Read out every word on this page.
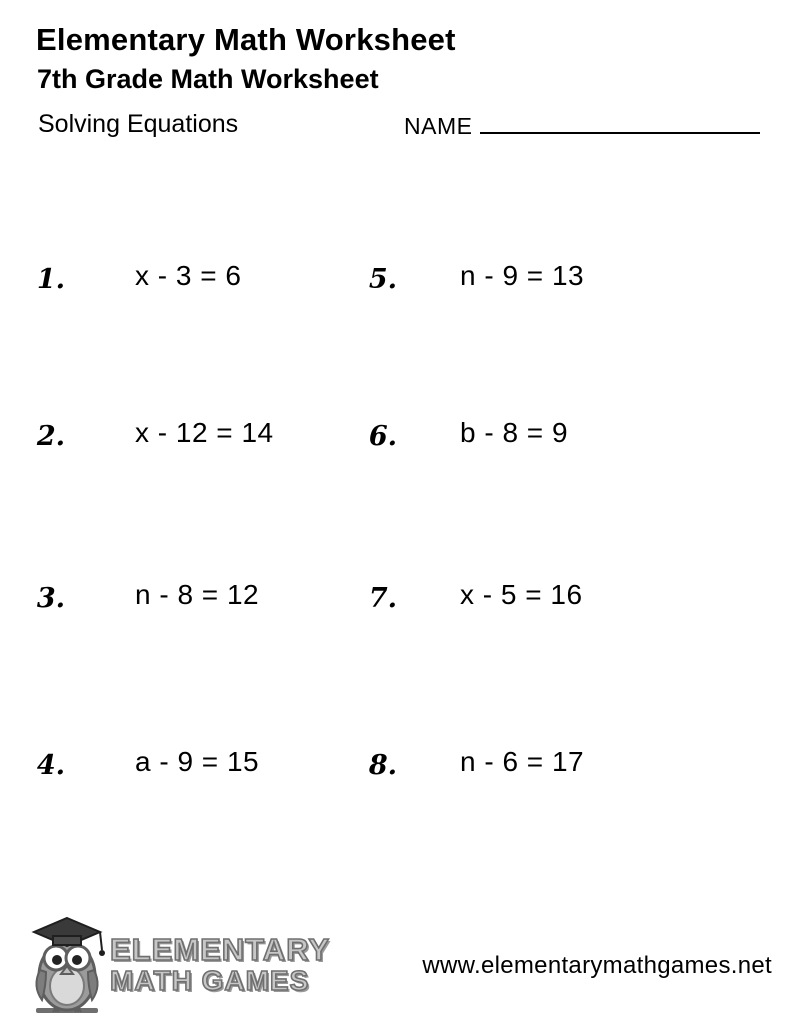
Elementary Math Worksheet
7th Grade Math Worksheet
Solving Equations	NAME
1.	x - 3 = 6
2.	x - 12 = 14
3.	n - 8 = 12
4.	a - 9 = 15
5. n - 9 = 13
6. b - 8 = 9
7. x - 5 = 16
8. n - 6 = 17
ELEMENTARY
MATH GAMES	www.elementarymathgames.net
